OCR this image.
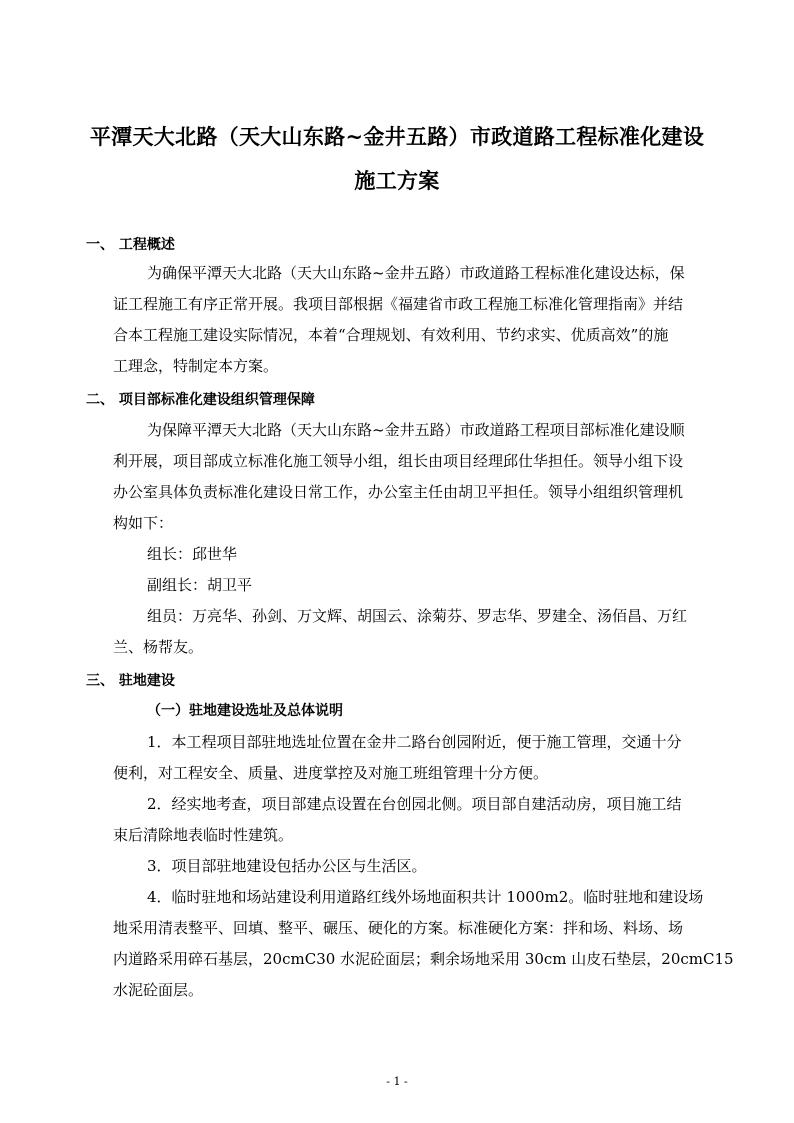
平潭天大北路（天大山东路~金井五路）市政道路工程标准化建设
施工方案
一、 工程概述
为确保平潭天大北路（天大山东路~金井五路）市政道路工程标准化建设达标，保
证工程施工有序正常开展。我项目部根据《福建省市政工程施工标准化管理指南》并结
合本工程施工建设实际情况，本着“合理规划、有效利用、节约求实、优质高效”的施
工理念，特制定本方案。
二、 项目部标准化建设组织管理保障
为保障平潭天大北路（天大山东路~金井五路）市政道路工程项目部标准化建设顺
利开展，项目部成立标准化施工领导小组，组长由项目经理邱仕华担任。领导小组下设
办公室具体负责标准化建设日常工作，办公室主任由胡卫平担任。领导小组组织管理机
构如下：
组长：邱世华
副组长：胡卫平
组员：万亮华、孙剑、万文辉、胡国云、涂菊芬、罗志华、罗建全、汤佰昌、万红
兰、杨帮友。
三、 驻地建设
（一）驻地建设选址及总体说明
1．本工程项目部驻地选址位置在金井二路台创园附近，便于施工管理，交通十分
便利，对工程安全、质量、进度掌控及对施工班组管理十分方便。
2．经实地考查，项目部建点设置在台创园北侧。项目部自建活动房，项目施工结
束后清除地表临时性建筑。
3．项目部驻地建设包括办公区与生活区。
4．临时驻地和场站建设利用道路红线外场地面积共计 1000m2。临时驻地和建设场
地采用清表整平、回填、整平、碾压、硬化的方案。标准硬化方案：拌和场、料场、场
内道路采用碎石基层，20cmC30 水泥砼面层；剩余场地采用 30cm 山皮石垫层，20cmC15
水泥砼面层。
- 1 -
